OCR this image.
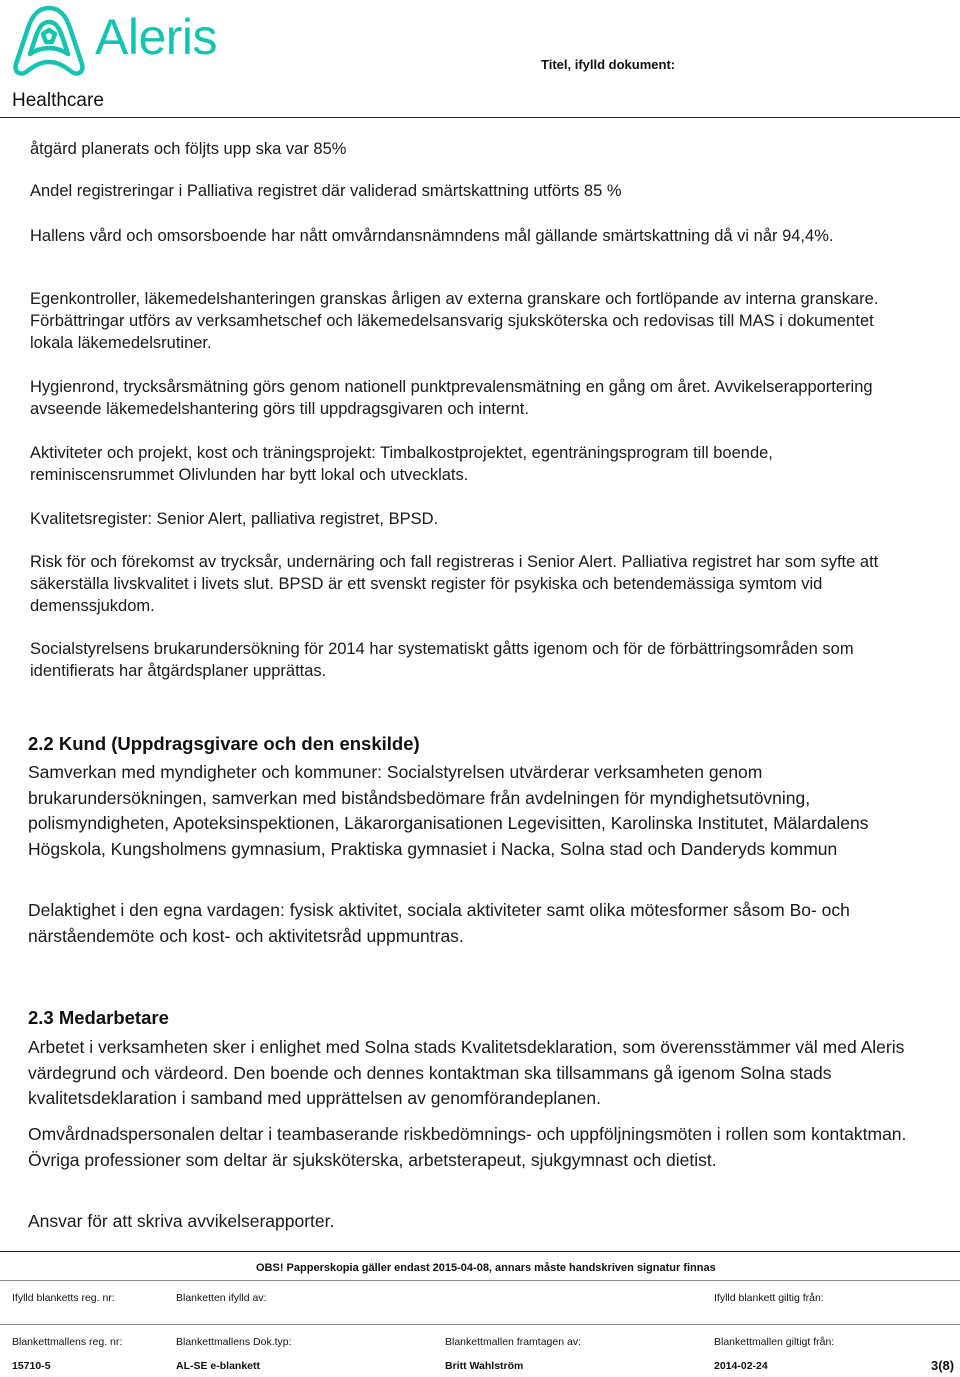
Aleris
Healthcare
Titel, ifylld dokument:

åtgärd planerats och följts upp ska var 85%

Andel registreringar i Palliativa registret där validerad smärtskattning utförts 85 %

Hallens vård och omsorsboende har nått omvårndansnämndens mål gällande smärtskattning då vi når 94,4%.

Egenkontroller, läkemedelshanteringen granskas årligen av externa granskare och fortlöpande av interna granskare. Förbättringar utförs av verksamhetschef och läkemedelsansvarig sjuksköterska och redovisas till MAS i dokumentet lokala läkemedelsrutiner.

Hygienrond, trycksårsmätning görs genom nationell punktprevalensmätning en gång om året. Avvikelserapportering avseende läkemedelshantering görs till uppdragsgivaren och internt.

Aktiviteter och projekt, kost och träningsprojekt: Timbalkostprojektet, egenträningsprogram till boende, reminiscensrummet Olivlunden har bytt lokal och utvecklats.

Kvalitetsregister: Senior Alert, palliativa registret, BPSD.

Risk för och förekomst av trycksår, undernäring och fall registreras i Senior Alert. Palliativa registret har som syfte att säkerställa livskvalitet i livets slut. BPSD är ett svenskt register för psykiska och betendemässiga symtom vid demenssjukdom.

Socialstyrelsens brukarundersökning för 2014 har systematiskt gåtts igenom och för de förbättringsområden som identifierats har åtgärdsplaner upprättas.

2.2 Kund (Uppdragsgivare och den enskilde)

Samverkan med myndigheter och kommuner: Socialstyrelsen utvärderar verksamheten genom brukarundersökningen, samverkan med biståndsbedömare från avdelningen för myndighetsutövning, polismyndigheten, Apoteksinspektionen, Läkarorganisationen Legevisitten, Karolinska Institutet, Mälardalens Högskola, Kungsholmens gymnasium, Praktiska gymnasiet i Nacka, Solna stad och Danderyds kommun

Delaktighet i den egna vardagen: fysisk aktivitet, sociala aktiviteter samt olika mötesformer såsom Bo- och närståendemöte och kost- och aktivitetsråd uppmuntras.

2.3 Medarbetare

Arbetet i verksamheten sker i enlighet med Solna stads Kvalitetsdeklaration, som överensstämmer väl med Aleris värdegrund och värdeord. Den boende och dennes kontaktman ska tillsammans gå igenom Solna stads kvalitetsdeklaration i samband med upprättelsen av genomförandeplanen.

Omvårdnadspersonalen deltar i teambaserande riskbedömnings- och uppföljningsmöten i rollen som kontaktman. Övriga professioner som deltar är sjuksköterska, arbetsterapeut, sjukgymnast och dietist.

Ansvar för att skriva avvikelserapporter.

OBS! Papperskopia gäller endast 2015-04-08, annars måste handskriven signatur finnas
Ifylld blanketts reg. nr:	Blanketten ifylld av:	Ifylld blankett giltig från:
Blankettmallens reg. nr:	Blankettmallens Dok.typ:	Blankettmallen framtagen av:	Blankettmallen giltigt från:
15710-5	AL-SE e-blankett	Britt Wahlström	2014-02-24	3(8)
